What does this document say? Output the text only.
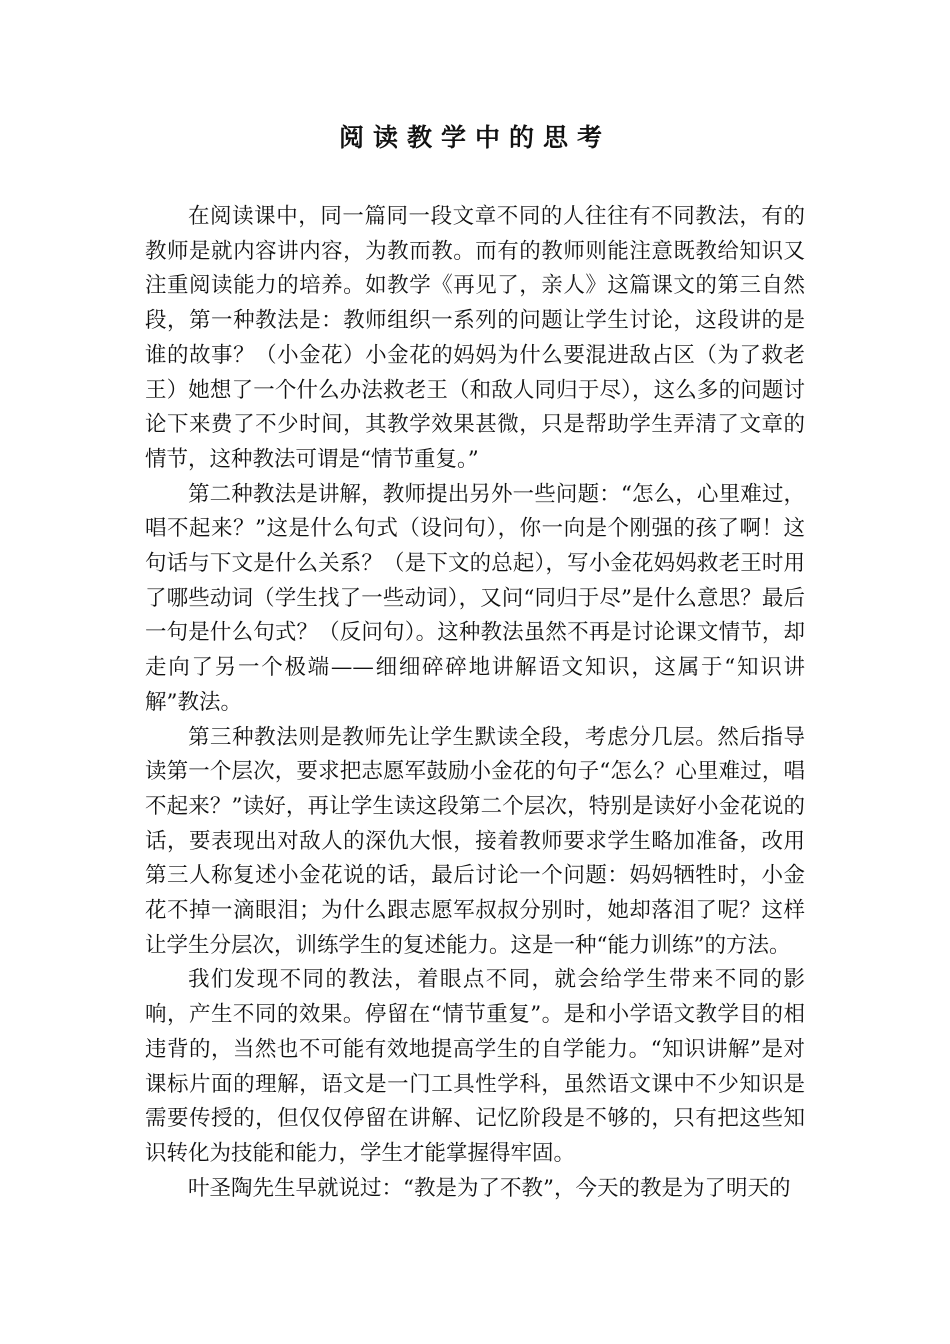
阅读教学中的思考

在阅读课中，同一篇同一段文章不同的人往往有不同教法，有的教师是就内容讲内容，为教而教。而有的教师则能注意既教给知识又注重阅读能力的培养。如教学《再见了，亲人》这篇课文的第三自然段，第一种教法是：教师组织一系列的问题让学生讨论，这段讲的是谁的故事？（小金花）小金花的妈妈为什么要混进敌占区（为了救老王）她想了一个什么办法救老王（和敌人同归于尽），这么多的问题讨论下来费了不少时间，其教学效果甚微，只是帮助学生弄清了文章的情节，这种教法可谓是“情节重复。”

第二种教法是讲解，教师提出另外一些问题：“怎么，心里难过，唱不起来？”这是什么句式（设问句），你一向是个刚强的孩了啊！这句话与下文是什么关系？（是下文的总起），写小金花妈妈救老王时用了哪些动词（学生找了一些动词），又问“同归于尽”是什么意思？最后一句是什么句式？（反问句）。这种教法虽然不再是讨论课文情节，却走向了另一个极端——细细碎碎地讲解语文知识，这属于“知识讲解”教法。

第三种教法则是教师先让学生默读全段，考虑分几层。然后指导读第一个层次，要求把志愿军鼓励小金花的句子“怎么？心里难过，唱不起来？”读好，再让学生读这段第二个层次，特别是读好小金花说的话，要表现出对敌人的深仇大恨，接着教师要求学生略加准备，改用第三人称复述小金花说的话，最后讨论一个问题：妈妈牺牲时，小金花不掉一滴眼泪；为什么跟志愿军叔叔分别时，她却落泪了呢？这样让学生分层次，训练学生的复述能力。这是一种“能力训练”的方法。

我们发现不同的教法，着眼点不同，就会给学生带来不同的影响，产生不同的效果。停留在“情节重复”。是和小学语文教学目的相违背的，当然也不可能有效地提高学生的自学能力。“知识讲解”是对课标片面的理解，语文是一门工具性学科，虽然语文课中不少知识是需要传授的，但仅仅停留在讲解、记忆阶段是不够的，只有把这些知识转化为技能和能力，学生才能掌握得牢固。

叶圣陶先生早就说过：“教是为了不教”，今天的教是为了明天的
